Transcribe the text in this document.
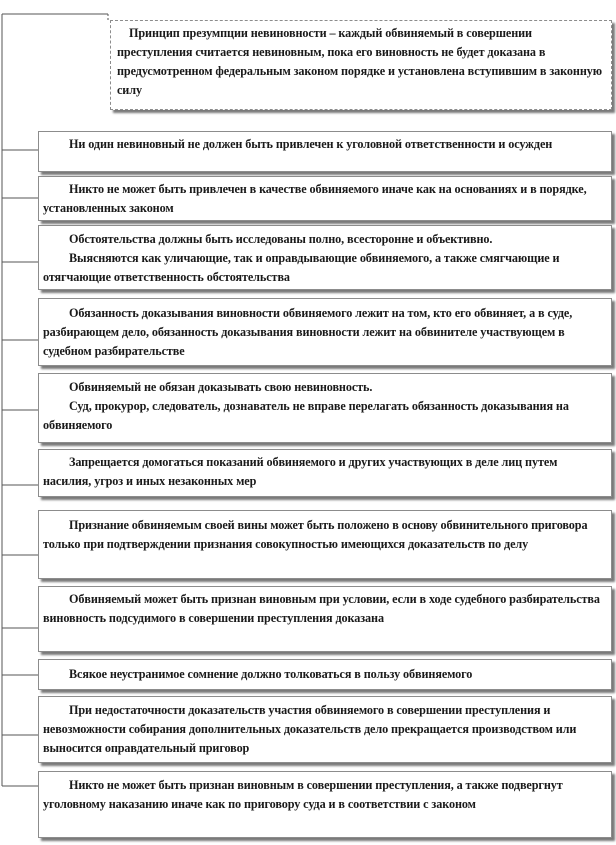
Принцип презумпции невиновности – каждый обвиняемый в совершении преступления считается невиновным, пока его виновность не будет доказана в предусмотренном федеральным законом порядке и установлена вступившим в законную силу

Ни один невиновный не должен быть привлечен к уголовной ответственности и осужден

Никто не может быть привлечен в качестве обвиняемого иначе как на основаниях и в порядке, установленных законом

Обстоятельства должны быть исследованы полно, всесторонне и объективно.

Выясняются как уличающие, так и оправдывающие обвиняемого, а также смягчающие и отягчающие ответственность обстоятельства

Обязанность доказывания виновности обвиняемого лежит на том, кто его обвиняет, а в суде, разбирающем дело, обязанность доказывания виновности лежит на обвинителе участвующем в судебном разбирательстве

Обвиняемый не обязан доказывать свою невиновность.

Суд, прокурор, следователь, дознаватель не вправе перелагать обязанность доказывания на обвиняемого

Запрещается домогаться показаний обвиняемого и других участвующих в деле лиц путем насилия, угроз и иных незаконных мер

Признание обвиняемым своей вины может быть положено в основу обвинительного приговора только при подтверждении признания совокупностью имеющихся доказательств по делу

Обвиняемый может быть признан виновным при условии, если в ходе судебного разбирательства виновность подсудимого в совершении преступления доказана

Всякое неустранимое сомнение должно толковаться в пользу обвиняемого

При недостаточности доказательств участия обвиняемого в совершении преступления и невозможности собирания дополнительных доказательств дело прекращается производством или выносится оправдательный приговор

Никто не может быть признан виновным в совершении преступления, а также подвергнут уголовному наказанию иначе как по приговору суда и в соответствии с законом
